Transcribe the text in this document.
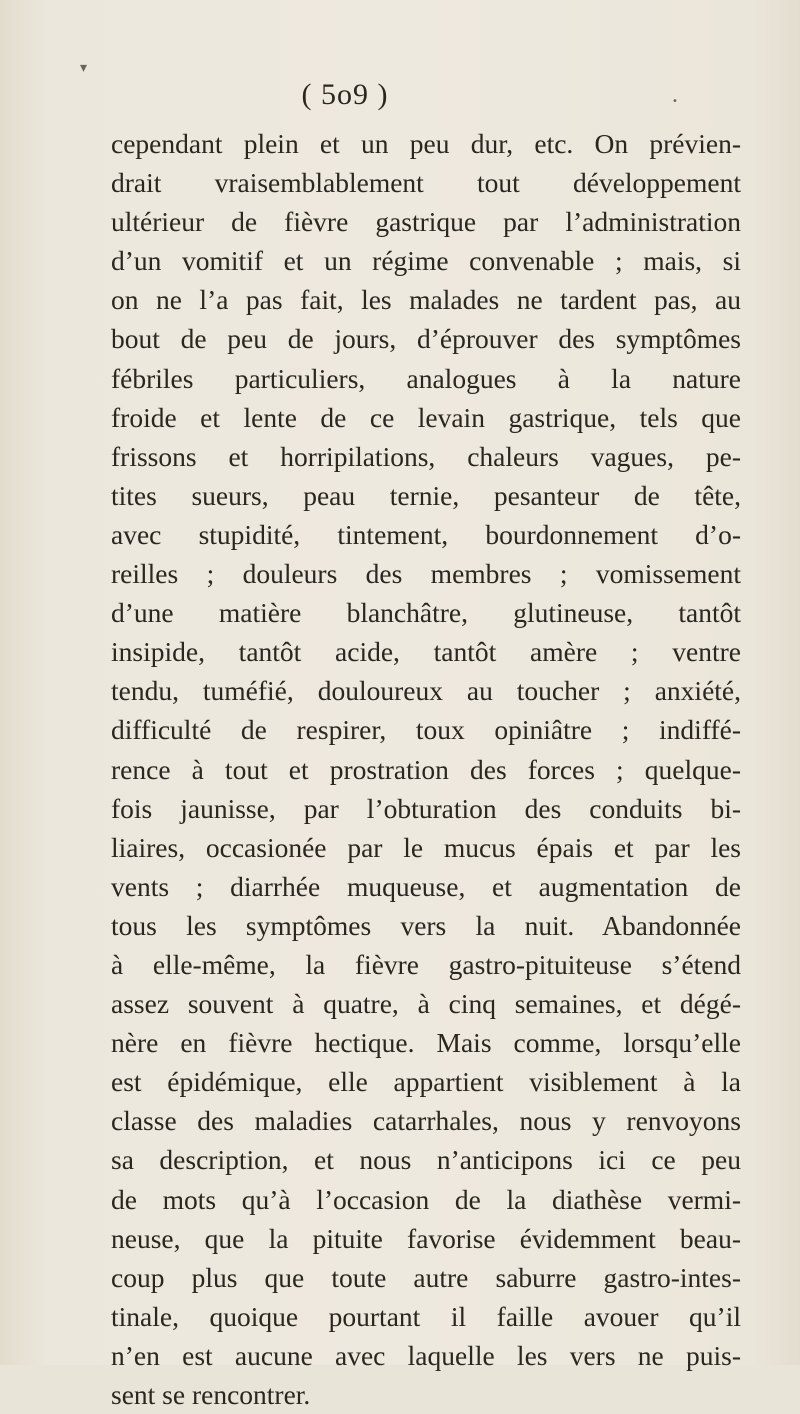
▾
•
( 5o9 )
cependant plein et un peu dur, etc. On prévien-
drait vraisemblablement tout développement
ultérieur de fièvre gastrique par l’administration
d’un vomitif et un régime convenable ; mais, si
on ne l’a pas fait, les malades ne tardent pas, au
bout de peu de jours, d’éprouver des symptômes
fébriles particuliers, analogues à la nature
froide et lente de ce levain gastrique, tels que
frissons et horripilations, chaleurs vagues, pe-
tites sueurs, peau ternie, pesanteur de tête,
avec stupidité, tintement, bourdonnement d’o-
reilles ; douleurs des membres ; vomissement
d’une matière blanchâtre, glutineuse, tantôt
insipide, tantôt acide, tantôt amère ; ventre
tendu, tuméfié, douloureux au toucher ; anxiété,
difficulté de respirer, toux opiniâtre ; indiffé-
rence à tout et prostration des forces ; quelque-
fois jaunisse, par l’obturation des conduits bi-
liaires, occasionée par le mucus épais et par les
vents ; diarrhée muqueuse, et augmentation de
tous les symptômes vers la nuit. Abandonnée
à elle-même, la fièvre gastro-pituiteuse s’étend
assez souvent à quatre, à cinq semaines, et dégé-
nère en fièvre hectique. Mais comme, lorsqu’elle
est épidémique, elle appartient visiblement à la
classe des maladies catarrhales, nous y renvoyons
sa description, et nous n’anticipons ici ce peu
de mots qu’à l’occasion de la diathèse vermi-
neuse, que la pituite favorise évidemment beau-
coup plus que toute autre saburre gastro-intes-
tinale, quoique pourtant il faille avouer qu’il
n’en est aucune avec laquelle les vers ne puis-
sent se rencontrer.
